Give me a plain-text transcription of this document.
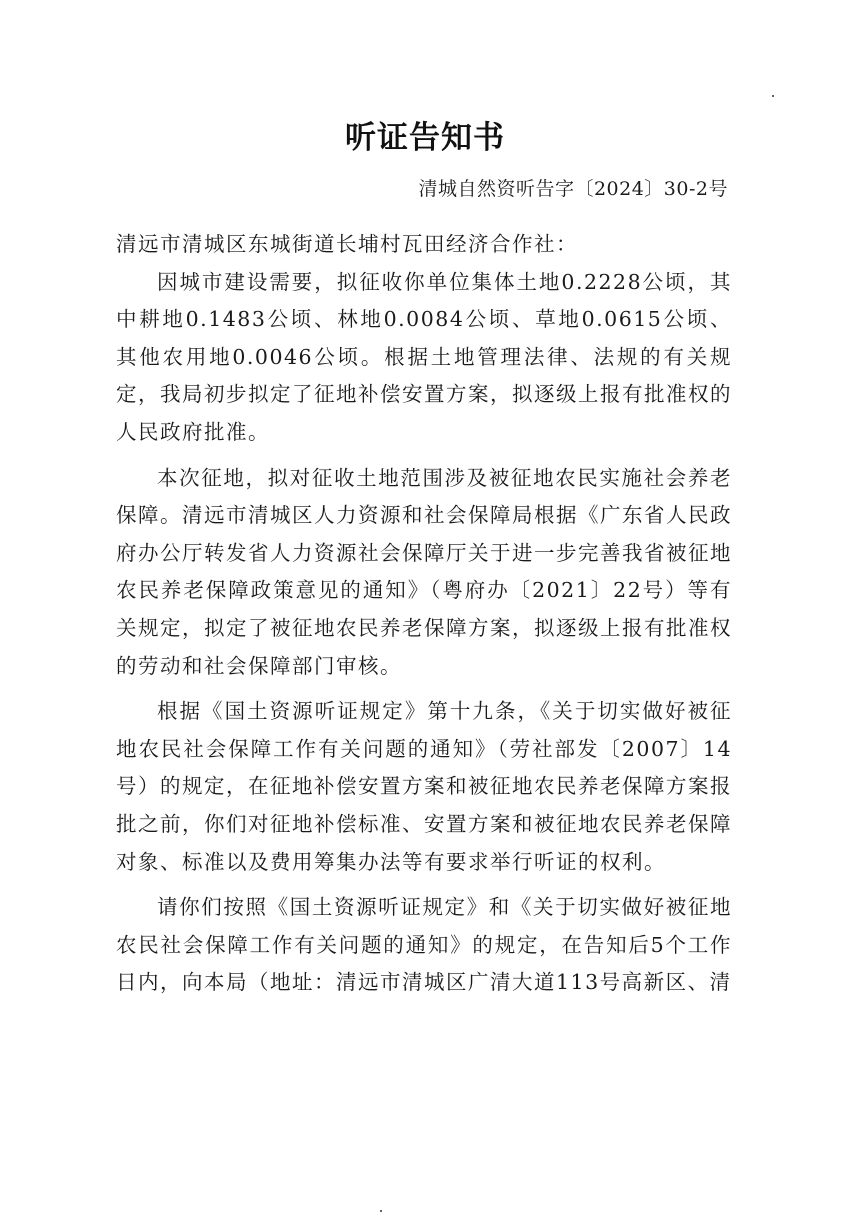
听证告知书
清城自然资听告字〔2024〕30-2号

清远市清城区东城街道长埔村瓦田经济合作社：

因城市建设需要，拟征收你单位集体土地0.2228公顷，其中耕地0.1483公顷、林地0.0084公顷、草地0.0615公顷、其他农用地0.0046公顷。根据土地管理法律、法规的有关规定，我局初步拟定了征地补偿安置方案，拟逐级上报有批准权的人民政府批准。

本次征地，拟对征收土地范围涉及被征地农民实施社会养老保障。清远市清城区人力资源和社会保障局根据《广东省人民政府办公厅转发省人力资源社会保障厅关于进一步完善我省被征地农民养老保障政策意见的通知》（粤府办〔2021〕22号）等有关规定，拟定了被征地农民养老保障方案，拟逐级上报有批准权的劳动和社会保障部门审核。

根据《国土资源听证规定》第十九条，《关于切实做好被征地农民社会保障工作有关问题的通知》（劳社部发〔2007〕14号）的规定，在征地补偿安置方案和被征地农民养老保障方案报批之前，你们对征地补偿标准、安置方案和被征地农民养老保障对象、标准以及费用筹集办法等有要求举行听证的权利。

请你们按照《国土资源听证规定》和《关于切实做好被征地农民社会保障工作有关问题的通知》的规定，在告知后5个工作日内，向本局（地址：清远市清城区广清大道113号高新区、清
